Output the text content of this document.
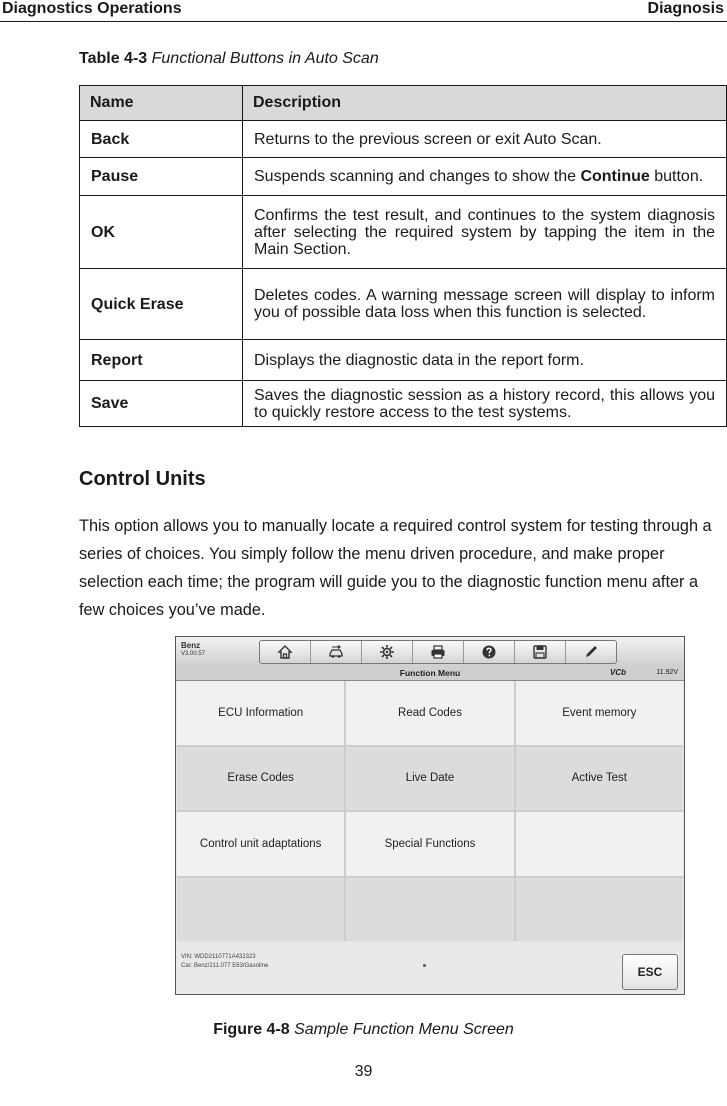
Diagnostics Operations	Diagnosis
Table 4-3 Functional Buttons in Auto Scan
Name	Description
Back	Returns to the previous screen or exit Auto Scan.
Pause	Suspends scanning and changes to show the Continue button.
OK	Confirms the test result, and continues to the system diagnosis after selecting the required system by tapping the item in the Main Section.
Quick Erase	Deletes codes. A warning message screen will display to inform you of possible data loss when this function is selected.
Report	Displays the diagnostic data in the report form.
Save	Saves the diagnostic session as a history record, this allows you to quickly restore access to the test systems.
Control Units
This option allows you to manually locate a required control system for testing through a series of choices. You simply follow the menu driven procedure, and make proper selection each time; the program will guide you to the diagnostic function menu after a few choices you’ve made.
Benz
V3.00.57
Function Menu	VCb	11.92V
ECU Information	Read Codes	Event memory
Erase Codes	Live Date	Active Test
Control unit adaptations	Special Functions
VIN: WDD2110771A432323
Car: Benz/211.077 E63/Gasoline	ESC
Figure 4-8 Sample Function Menu Screen
39
